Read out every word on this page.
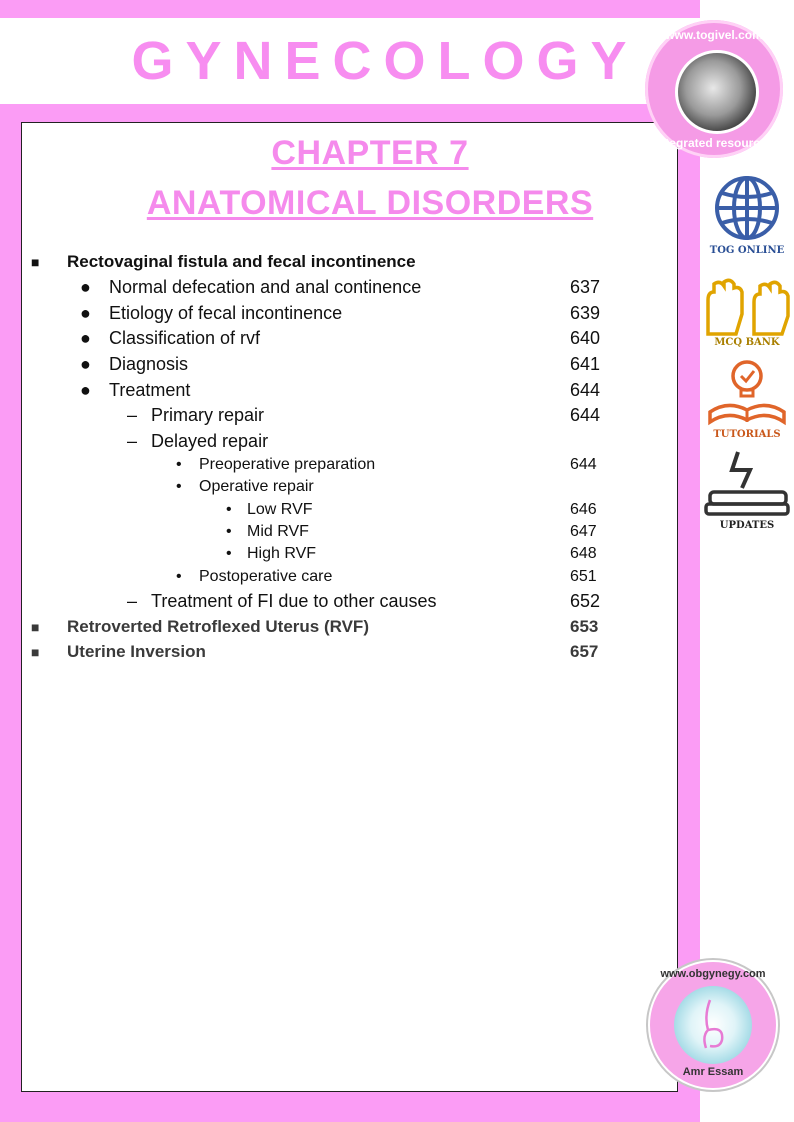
GYNECOLOGY
CHAPTER 7
ANATOMICAL DISORDERS
■ Rectovaginal fistula and fecal incontinence
● Normal defecation and anal continence	637
● Etiology of fecal incontinence	639
● Classification of rvf	640
● Diagnosis	641
● Treatment	644
– Primary repair	644
– Delayed repair
• Preoperative preparation	644
• Operative repair
• Low RVF	646
• Mid RVF	647
• High RVF	648
• Postoperative care	651
– Treatment of FI due to other causes	652
■ Retroverted Retroflexed Uterus (RVF)	653
■ Uterine Inversion	657
www.togivel.com
Integrated resources
TOG ONLINE
MCQ BANK
TUTORIALS
UPDATES
www.obgynegy.com
Amr Essam
